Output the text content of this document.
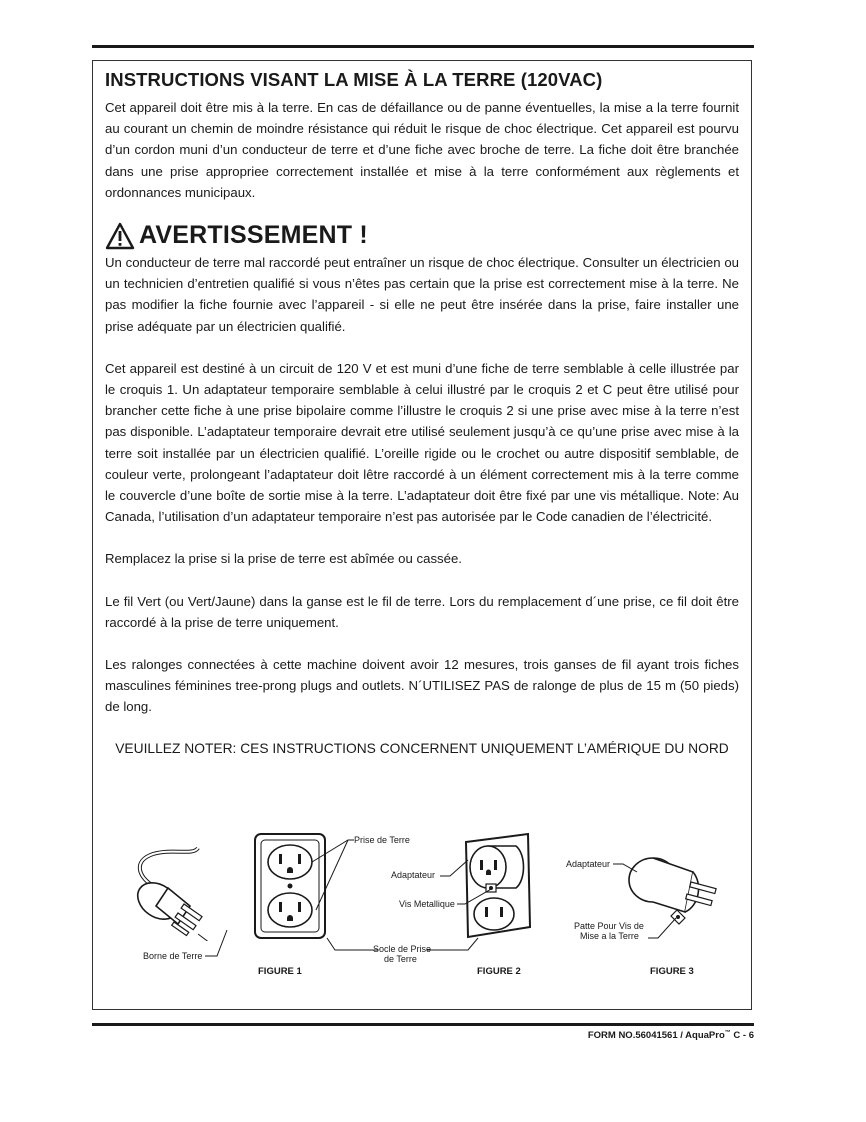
INSTRUCTIONS VISANT LA MISE À LA TERRE (120VAC)

Cet appareil doit être mis à la terre. En cas de défaillance ou de panne éventuelles, la mise a la terre fournit au courant un chemin de moindre résistance qui réduit le risque de choc électrique. Cet appareil est pourvu d’un cordon muni d’un conducteur de terre et d’une fiche avec broche de terre. La fiche doit être branchée dans une prise appropriee correctement installée et mise à la terre conformément aux règlements et ordonnances municipaux.

AVERTISSEMENT !

Un conducteur de terre mal raccordé peut entraîner un risque de choc électrique. Consulter un électricien ou un technicien d’entretien qualifié si vous n’êtes pas certain que la prise est correctement mise à la terre. Ne pas modifier la fiche fournie avec l’appareil - si elle ne peut être insérée dans la prise, faire installer une prise adéquate par un électricien qualifié.

Cet appareil est destiné à un circuit de 120 V et est muni d’une fiche de terre semblable à celle illustrée par le croquis 1. Un adaptateur temporaire semblable à celui illustré par le croquis 2 et C peut être utilisé pour brancher cette fiche à une prise bipolaire comme l’illustre le croquis 2 si une prise avec mise à la terre n’est pas disponible. L’adaptateur temporaire devrait etre utilisé seulement jusqu’à ce qu’une prise avec mise à la terre soit installée par un électricien qualifié. L’oreille rigide ou le crochet ou autre dispositif semblable, de couleur verte, prolongeant l’adaptateur doit lêtre raccordé à un élément correctement mis à la terre comme le couvercle d’une boîte de sortie mise à la terre. L’adaptateur doit être fixé par une vis métallique. Note: Au Canada, l’utilisation d’un adaptateur temporaire n’est pas autorisée par le Code canadien de l’électricité.

Remplacez la prise si la prise de terre est abîmée ou cassée.

Le fil Vert (ou Vert/Jaune) dans la ganse est le fil de terre. Lors du remplacement d´une prise, ce fil doit être raccordé à la prise de terre uniquement.

Les ralonges connectées à cette machine doivent avoir 12 mesures, trois ganses de fil ayant trois fiches masculines féminines tree-prong plugs and outlets. N´UTILISEZ PAS de ralonge de plus de 15 m (50 pieds) de long.

VEUILLEZ NOTER: CES INSTRUCTIONS CONCERNENT UNIQUEMENT L’AMÉRIQUE DU NORD
Borne de Terre
Prise de Terre
Socle de Prise
de Terre
FIGURE 1
Adaptateur
Vis Metallique
FIGURE 2
Adaptateur
Patte Pour Vis de
Mise a la Terre
FIGURE 3
FORM NO.56041561 / AquaPro™ C - 6
